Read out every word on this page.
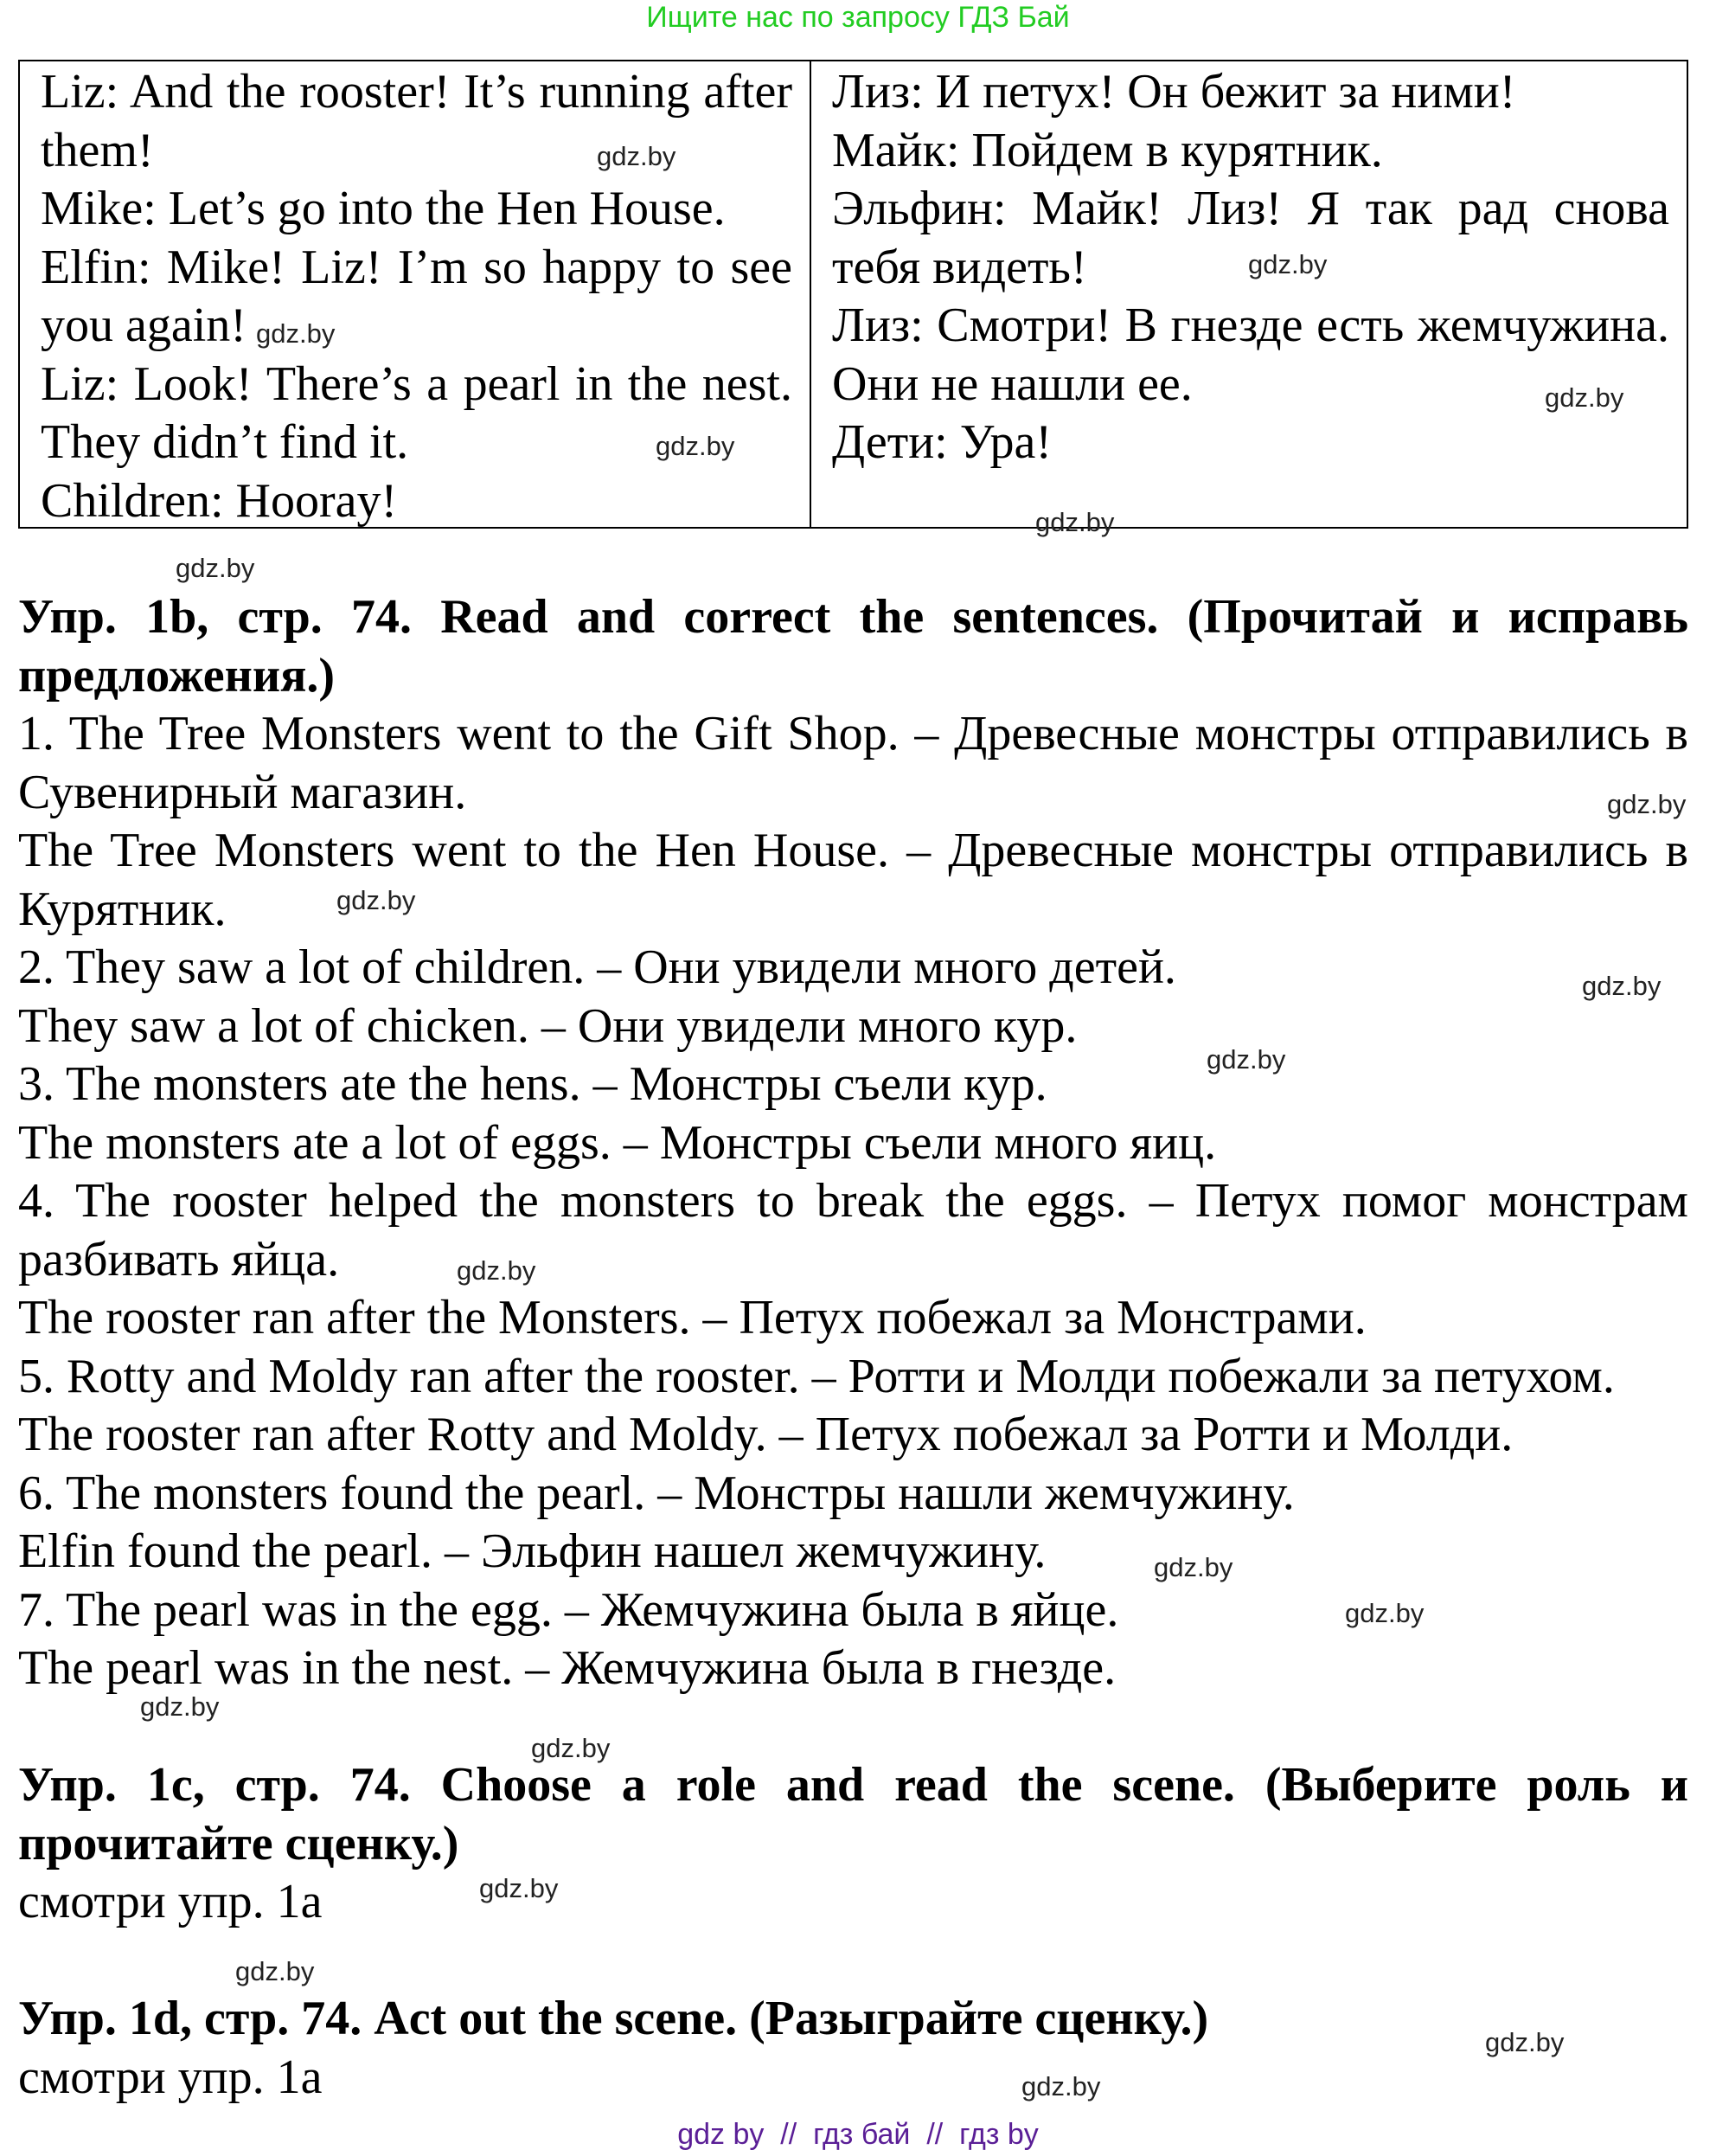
Ищите нас по запросу ГДЗ Бай
Liz: And the rooster! It’s running after them!
Mike: Let’s go into the Hen House.
Elfin: Mike! Liz! I’m so happy to see you again!
Liz: Look! There’s a pearl in the nest. They didn’t find it.
Children: Hooray!
Лиз: И петух! Он бежит за ними!
Майк: Пойдем в курятник.
Эльфин: Майк! Лиз! Я так рад снова тебя видеть!
Лиз: Смотри! В гнезде есть жемчужина. Они не нашли ее.
Дети: Ура!
Упр. 1b, стр. 74. Read and correct the sentences. (Прочитай и исправь предложения.)

1. The Tree Monsters went to the Gift Shop. – Древесные монстры отправились в Сувенирный магазин.

The Tree Monsters went to the Hen House. – Древесные монстры отправились в Курятник.

2. They saw a lot of children. – Они увидели много детей.

They saw a lot of chicken. – Они увидели много кур.

3. The monsters ate the hens. – Монстры съели кур.

The monsters ate a lot of eggs. – Монстры съели много яиц.

4. The rooster helped the monsters to break the eggs. – Петух помог монстрам разбивать яйца.

The rooster ran after the Monsters. – Петух побежал за Монстрами.

5. Rotty and Moldy ran after the rooster. – Ротти и Молди побежали за петухом.

The rooster ran after Rotty and Moldy. – Петух побежал за Ротти и Молди.

6. The monsters found the pearl. – Монстры нашли жемчужину.

Elfin found the pearl. – Эльфин нашел жемчужину.

7. The pearl was in the egg. – Жемчужина была в яйце.

The pearl was in the nest. – Жемчужина была в гнезде.

Упр. 1c, стр. 74. Choose a role and read the scene. (Выберите роль и прочитайте сценку.)

смотри упр. 1a

Упр. 1d, стр. 74. Act out the scene. (Разыграйте сценку.)

смотри упр. 1a

gdz.by
gdz.by
gdz.by
gdz.by
gdz.by
gdz.by
gdz.by
gdz.by
gdz.by
gdz.by
gdz.by
gdz.by
gdz.by
gdz.by
gdz.by
gdz.by
gdz.by
gdz.by
gdz.by
gdz.by
gdz by  //  гдз бай  //  гдз by
